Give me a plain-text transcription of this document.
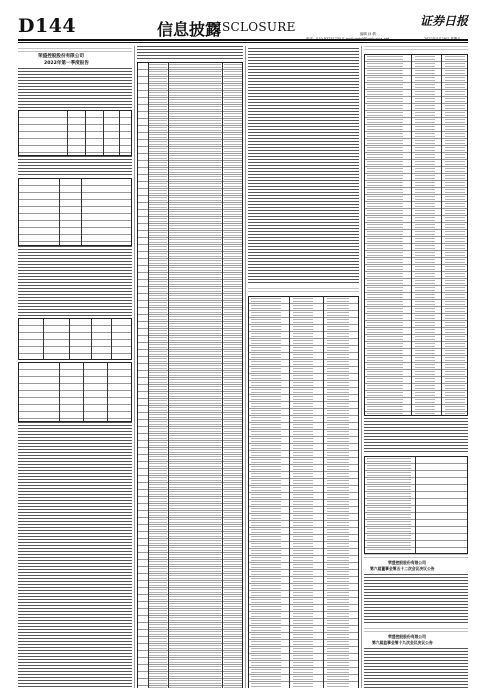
D144	信息披露
DISCLOSURE	证券日报
编辑 孙 倩
荣盛控股股份有限公司
2022年第一季度报告
荣盛控股股份有限公司
第六届董事会第五十二次会议决议公告
荣盛控股股份有限公司
第六届监事会第十九次会议决议公告
